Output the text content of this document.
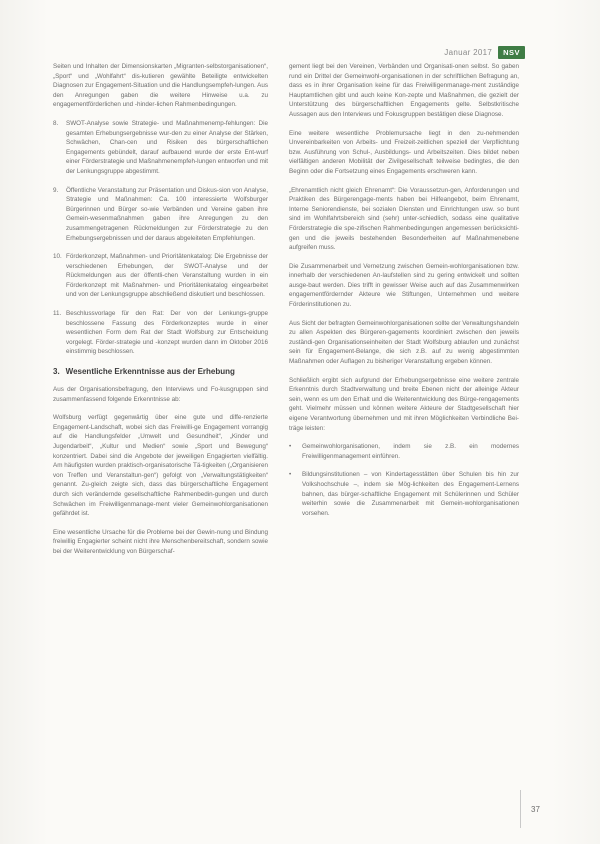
Januar 2017	NSV

Seiten und Inhalten der Dimensionskarten „Migranten-selbstorganisationen“, „Sport“ und „Wohlfahrt“ dis-kutieren gewählte Beteiligte entwickelten Diagnosen zur Engagement-Situation und die Handlungsempfeh-lungen. Aus den Anregungen gaben die weitere Hinweise u.a. zu engagementförderlichen und -hinder-lichen Rahmenbedingungen.

8.	SWOT-Analyse sowie Strategie- und Maßnahmenemp-fehlungen: Die gesamten Erhebungsergebnisse wur-den zu einer Analyse der Stärken, Schwächen, Chan-cen und Risiken des bürgerschaftlichen Engagements gebündelt, darauf aufbauend wurde der erste Ent-wurf einer Förderstrategie und Maßnahmenempfeh-lungen entworfen und mit der Lenkungsgruppe abgestimmt.
9.	Öffentliche Veranstaltung zur Präsentation und Diskus-sion von Analyse, Strategie und Maßnahmen: Ca. 100 interessierte Wolfsburger Bürgerinnen und Bürger so-wie Verbänden und Vereine gaben ihre Gemein-wesenmaßnahmen gaben ihre Anregungen zu den zusammengetragenen Rückmeldungen zur Förderstrategie zu den Erhebungsergebnissen und der daraus abgeleiteten Empfehlungen.
10. Förderkonzept, Maßnahmen- und Prioritätenkatalog: Die Ergebnisse der verschiedenen Erhebungen, der SWOT-Analyse und der Rückmeldungen aus der öffentli-chen Veranstaltung wurden in ein Förderkonzept mit Maßnahmen- und Prioritätenkatalog eingearbeitet und von der Lenkungsgruppe abschließend diskutiert und beschlossen.
11. Beschlussvorlage für den Rat: Der von der Lenkungs-gruppe beschlossene Fassung des Förderkonzeptes wurde in einer wesentlichen Form dem Rat der Stadt Wolfsburg zur Entscheidung vorgelegt. Förder-strategie und -konzept wurden dann im Oktober 2016 einstimmig beschlossen.
3. Wesentliche Erkenntnisse aus der Erhebung

Aus der Organisationsbefragung, den Interviews und Fo-kusgruppen sind zusammenfassend folgende Erkenntnisse ab:

Wolfsburg verfügt gegenwärtig über eine gute und diffe-renzierte Engagement-Landschaft, wobei sich das Freiwilli-ge Engagement vorrangig auf die Handlungsfelder „Umwelt und Gesundheit“, „Kinder und Jugendarbeit“, „Kultur und Medien“ sowie „Sport und Bewegung“ konzentriert. Dabei sind die Angebote der jeweiligen Engagierten vielfältig. Am häufigsten wurden praktisch-organisatorische Tä-tigkeiten („Organisieren von Treffen und Veranstaltun-gen“) gefolgt von „Verwaltungstätigkeiten“ genannt. Zu-gleich zeigte sich, dass das bürgerschaftliche Engagement durch sich verändernde gesellschaftliche Rahmenbedin-gungen und durch Schwächen im Freiwilligenmanage-ment vieler Gemeinwohlorganisationen gefährdet ist.

Eine wesentliche Ursache für die Probleme bei der Gewin-nung und Bindung freiwillig Engagierter scheint nicht ihre Menschenbereitschaft, sondern sowie bei der Weiterentwicklung von Bürgerschaf-

gement liegt bei den Vereinen, Verbänden und Organisati-onen selbst. So gaben rund ein Drittel der Gemeinwohl-organisationen in der schriftlichen Befragung an, dass es in ihrer Organisation keine für das Freiwilligenmanage-ment zuständige Hauptamtlichen gibt und auch keine Kon-zepte und Maßnahmen, die gezielt der Unterstützung des bürgerschaftlichen Engagements gelte. Selbstkritische Aussagen aus den Interviews und Fokusgruppen bestätigen diese Diagnose.

Eine weitere wesentliche Problemursache liegt in den zu-nehmenden Unvereinbarkeiten von Arbeits- und Freizeit-zeitlichen speziell der Verpflichtung bzw. Ausführung von Schul-, Ausbildungs- und Arbeitszeiten. Dies bildet neben vielfältigen anderen Mobilität der Zivilgesellschaft teilweise bedingtes, die den Beginn oder die Fortsetzung eines Engagements erschweren kann.

„Ehrenamtlich nicht gleich Ehrenamt“: Die Voraussetzun-gen, Anforderungen und Praktiken des Bürgerengage-ments haben bei Hilfeangebot, beim Ehrenamt, Interne Seniorendienste, bei sozialen Diensten und Einrichtungen usw. so bunt sind im Wohlfahrtsbereich sind (sehr) unter-schiedlich, sodass eine qualitative Förderstrategie die spe-zifischen Rahmenbedingungen angemessen berücksichti-gen und die jeweils bestehenden Besonderheiten auf Maßnahmenebene aufgreifen muss.

Die Zusammenarbeit und Vernetzung zwischen Gemein-wohlorganisationen bzw. innerhalb der verschiedenen An-laufstellen sind zu gering entwickelt und sollten ausge-baut werden. Dies trifft in gewisser Weise auch auf das Zusammenwirken engagementfördernder Akteure wie Stiftungen, Unternehmen und weitere Förderinstitutionen zu.

Aus Sicht der befragten Gemeinwohlorganisationen sollte der Verwaltungshandeln zu allen Aspekten des Bürgeren-gagements koordiniert zwischen den jeweils zuständi-gen Organisationseinheiten der Stadt Wolfsburg ablaufen und zunächst sein für Engagement-Belange, die sich z.B. auf zu wenig abgestimmten Maßnahmen oder Auflagen zu bisheriger Veranstaltung ergeben können.

Schließlich ergibt sich aufgrund der Erhebungsergebnisse eine weitere zentrale Erkenntnis durch Stadtverwaltung und breite Ebenen nicht der alleinige Akteur sein, wenn es um den Erhalt und die Weiterentwicklung des Bürge-rengagements geht. Vielmehr müssen und können weitere Akteure der Stadtgesellschaft hier eigene Verantwortung übernehmen und mit ihren Möglichkeiten Verbindliche Bei-träge leisten:

•	Gemeinwohlorganisationen, indem sie z.B. ein modernes Freiwilligenmanagement einführen.
•	Bildungsinstitutionen – von Kindertagesstätten über Schulen bis hin zur Volkshochschule –, indem sie Mög-lichkeiten des Engagement-Lernens bahnen, das bürger-schaftliche Engagement mit Schülerinnen und Schüler weiterhin sowie die Zusammenarbeit mit Gemein-wohlorganisationen vorsehen.
37
